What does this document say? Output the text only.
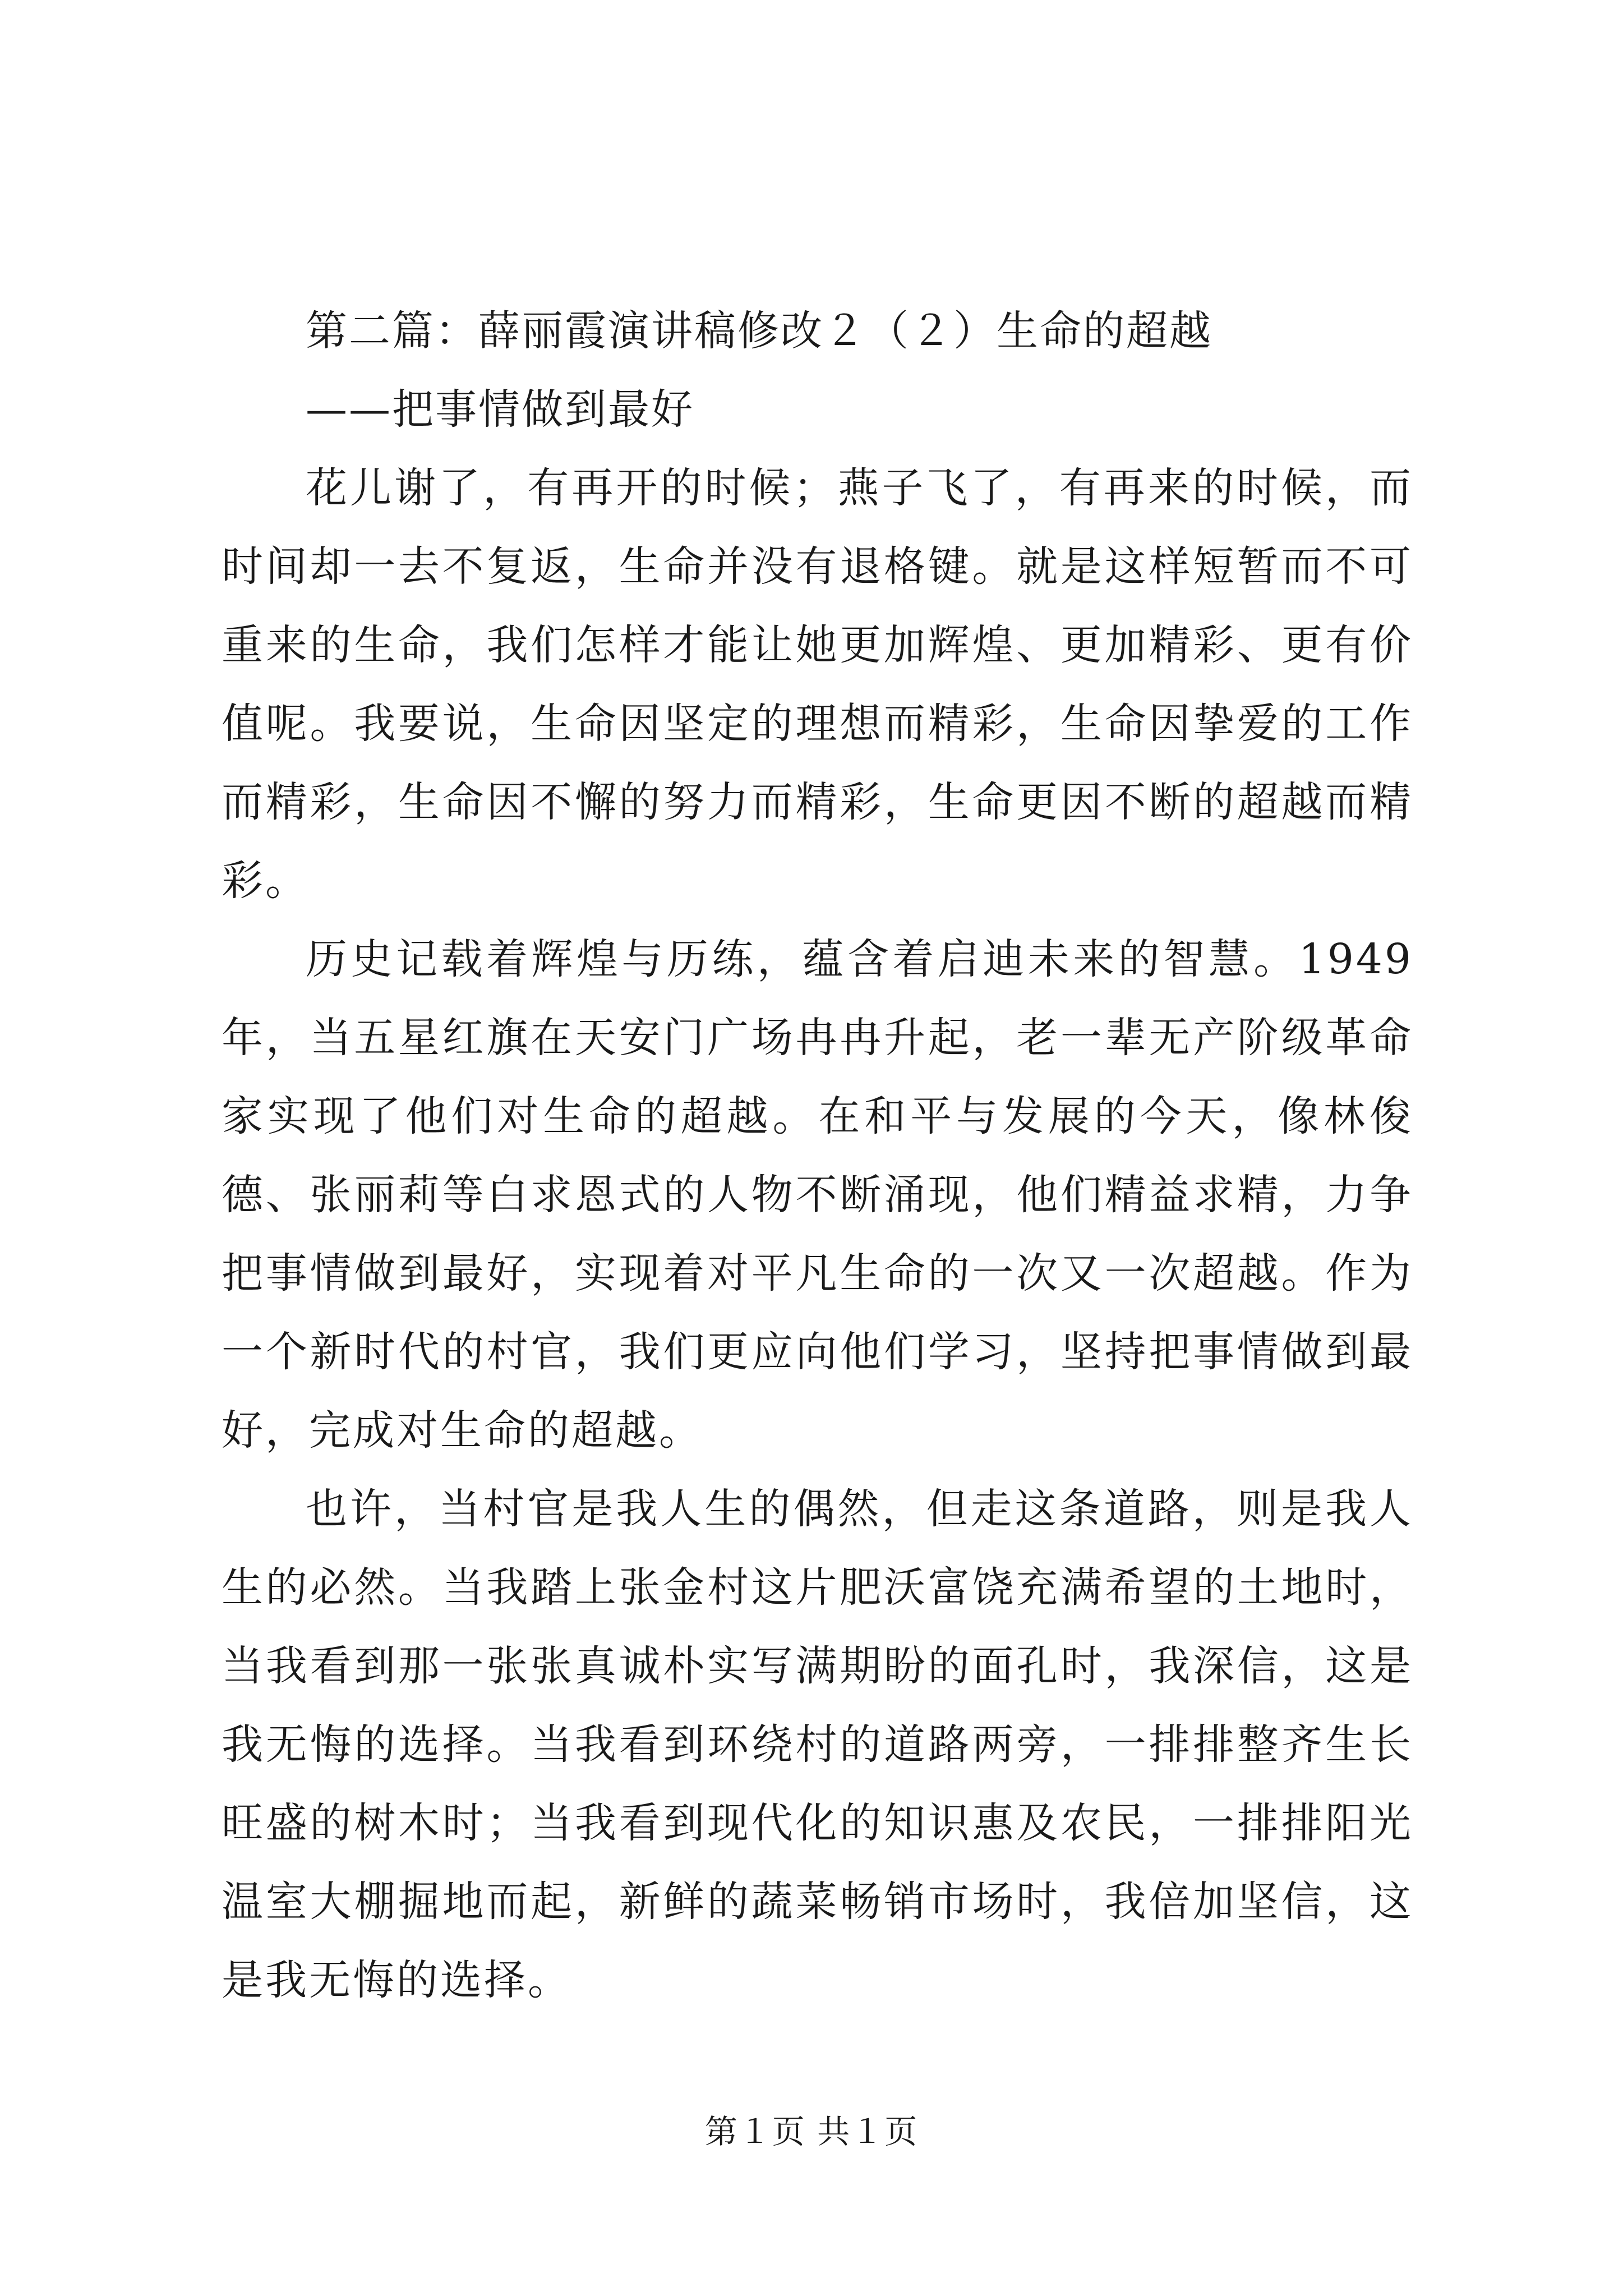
第二篇：薛丽霞演讲稿修改２（２）生命的超越

——把事情做到最好

花儿谢了，有再开的时候；燕子飞了，有再来的时候，而时间却一去不复返，生命并没有退格键。就是这样短暂而不可重来的生命，我们怎样才能让她更加辉煌、更加精彩、更有价值呢。我要说，生命因坚定的理想而精彩，生命因挚爱的工作而精彩，生命因不懈的努力而精彩，生命更因不断的超越而精彩。

历史记载着辉煌与历练，蕴含着启迪未来的智慧。1949年，当五星红旗在天安门广场冉冉升起，老一辈无产阶级革命家实现了他们对生命的超越。在和平与发展的今天，像林俊德、张丽莉等白求恩式的人物不断涌现，他们精益求精，力争把事情做到最好，实现着对平凡生命的一次又一次超越。作为一个新时代的村官，我们更应向他们学习，坚持把事情做到最好，完成对生命的超越。

也许，当村官是我人生的偶然，但走这条道路，则是我人生的必然。当我踏上张金村这片肥沃富饶充满希望的土地时，当我看到那一张张真诚朴实写满期盼的面孔时，我深信，这是我无悔的选择。当我看到环绕村的道路两旁，一排排整齐生长旺盛的树木时；当我看到现代化的知识惠及农民，一排排阳光温室大棚掘地而起，新鲜的蔬菜畅销市场时，我倍加坚信，这是我无悔的选择。

第１页 共１页
